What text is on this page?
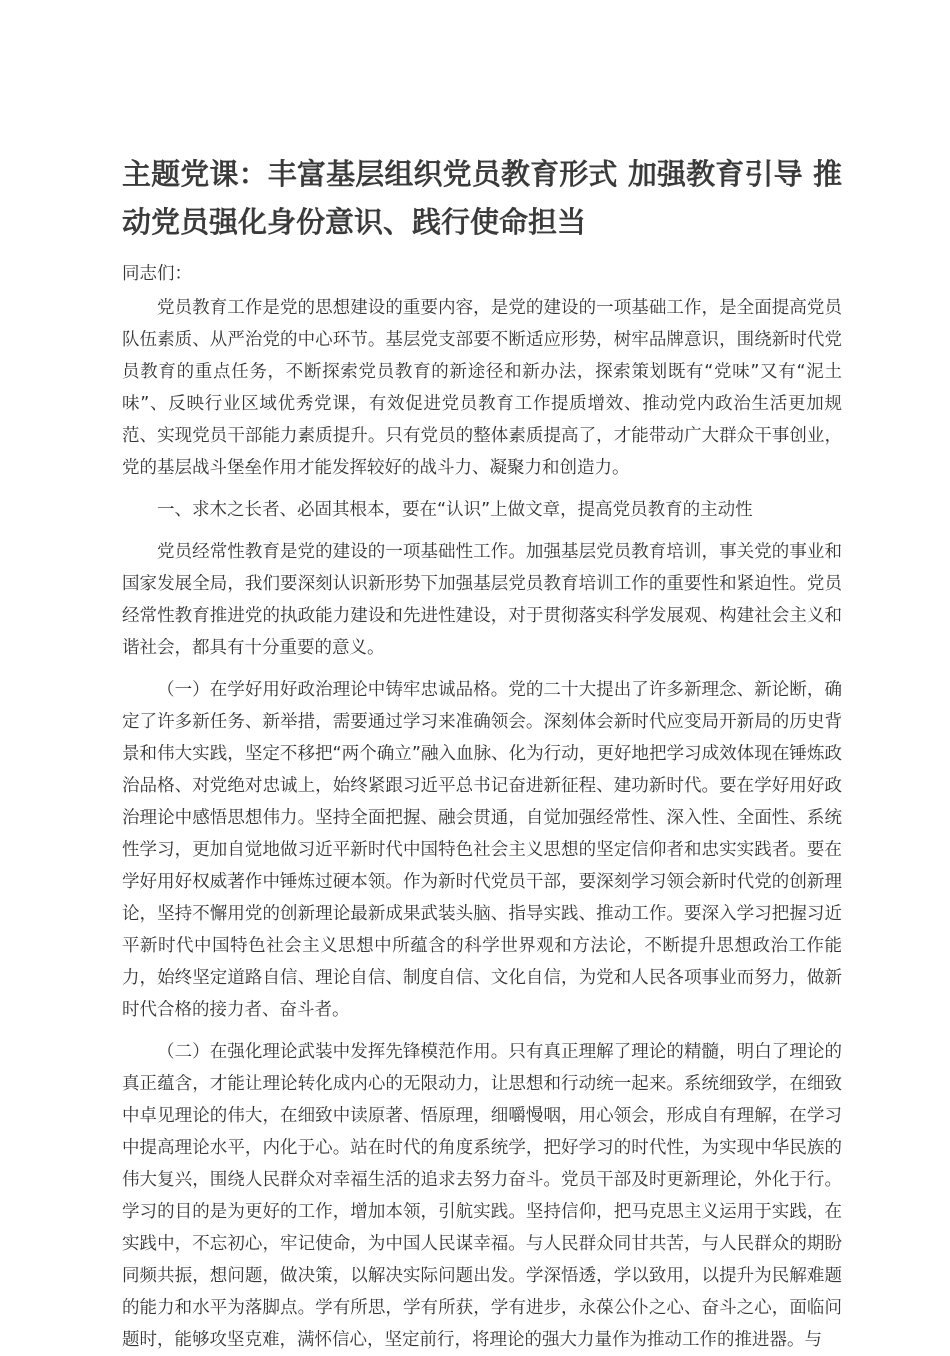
主题党课：丰富基层组织党员教育形式 加强教育引导 推动党员强化身份意识、践行使命担当

同志们：

党员教育工作是党的思想建设的重要内容，是党的建设的一项基础工作，是全面提高党员队伍素质、从严治党的中心环节。基层党支部要不断适应形势，树牢品牌意识，围绕新时代党员教育的重点任务，不断探索党员教育的新途径和新办法，探索策划既有“党味”又有“泥土味”、反映行业区域优秀党课，有效促进党员教育工作提质增效、推动党内政治生活更加规范、实现党员干部能力素质提升。只有党员的整体素质提高了，才能带动广大群众干事创业，党的基层战斗堡垒作用才能发挥较好的战斗力、凝聚力和创造力。

一、求木之长者、必固其根本，要在“认识”上做文章，提高党员教育的主动性

党员经常性教育是党的建设的一项基础性工作。加强基层党员教育培训，事关党的事业和国家发展全局，我们要深刻认识新形势下加强基层党员教育培训工作的重要性和紧迫性。党员经常性教育推进党的执政能力建设和先进性建设，对于贯彻落实科学发展观、构建社会主义和谐社会，都具有十分重要的意义。

（一）在学好用好政治理论中铸牢忠诚品格。党的二十大提出了许多新理念、新论断，确定了许多新任务、新举措，需要通过学习来准确领会。深刻体会新时代应变局开新局的历史背景和伟大实践，坚定不移把“两个确立”融入血脉、化为行动，更好地把学习成效体现在锤炼政治品格、对党绝对忠诚上，始终紧跟习近平总书记奋进新征程、建功新时代。要在学好用好政治理论中感悟思想伟力。坚持全面把握、融会贯通，自觉加强经常性、深入性、全面性、系统性学习，更加自觉地做习近平新时代中国特色社会主义思想的坚定信仰者和忠实实践者。要在学好用好权威著作中锤炼过硬本领。作为新时代党员干部，要深刻学习领会新时代党的创新理论，坚持不懈用党的创新理论最新成果武装头脑、指导实践、推动工作。要深入学习把握习近平新时代中国特色社会主义思想中所蕴含的科学世界观和方法论，不断提升思想政治工作能力，始终坚定道路自信、理论自信、制度自信、文化自信，为党和人民各项事业而努力，做新时代合格的接力者、奋斗者。

（二）在强化理论武装中发挥先锋模范作用。只有真正理解了理论的精髓，明白了理论的真正蕴含，才能让理论转化成内心的无限动力，让思想和行动统一起来。系统细致学，在细致中卓见理论的伟大，在细致中读原著、悟原理，细嚼慢咽，用心领会，形成自有理解，在学习中提高理论水平，内化于心。站在时代的角度系统学，把好学习的时代性，为实现中华民族的伟大复兴，围绕人民群众对幸福生活的追求去努力奋斗。党员干部及时更新理论，外化于行。学习的目的是为更好的工作，增加本领，引航实践。坚持信仰，把马克思主义运用于实践，在实践中，不忘初心，牢记使命，为中国人民谋幸福。与人民群众同甘共苦，与人民群众的期盼同频共振，想问题，做决策，以解决实际问题出发。学深悟透，学以致用，以提升为民解难题的能力和水平为落脚点。学有所思，学有所获，学有进步，永葆公仆之心、奋斗之心，面临问题时，能够攻坚克难，满怀信心，坚定前行，将理论的强大力量作为推动工作的推进器。与
